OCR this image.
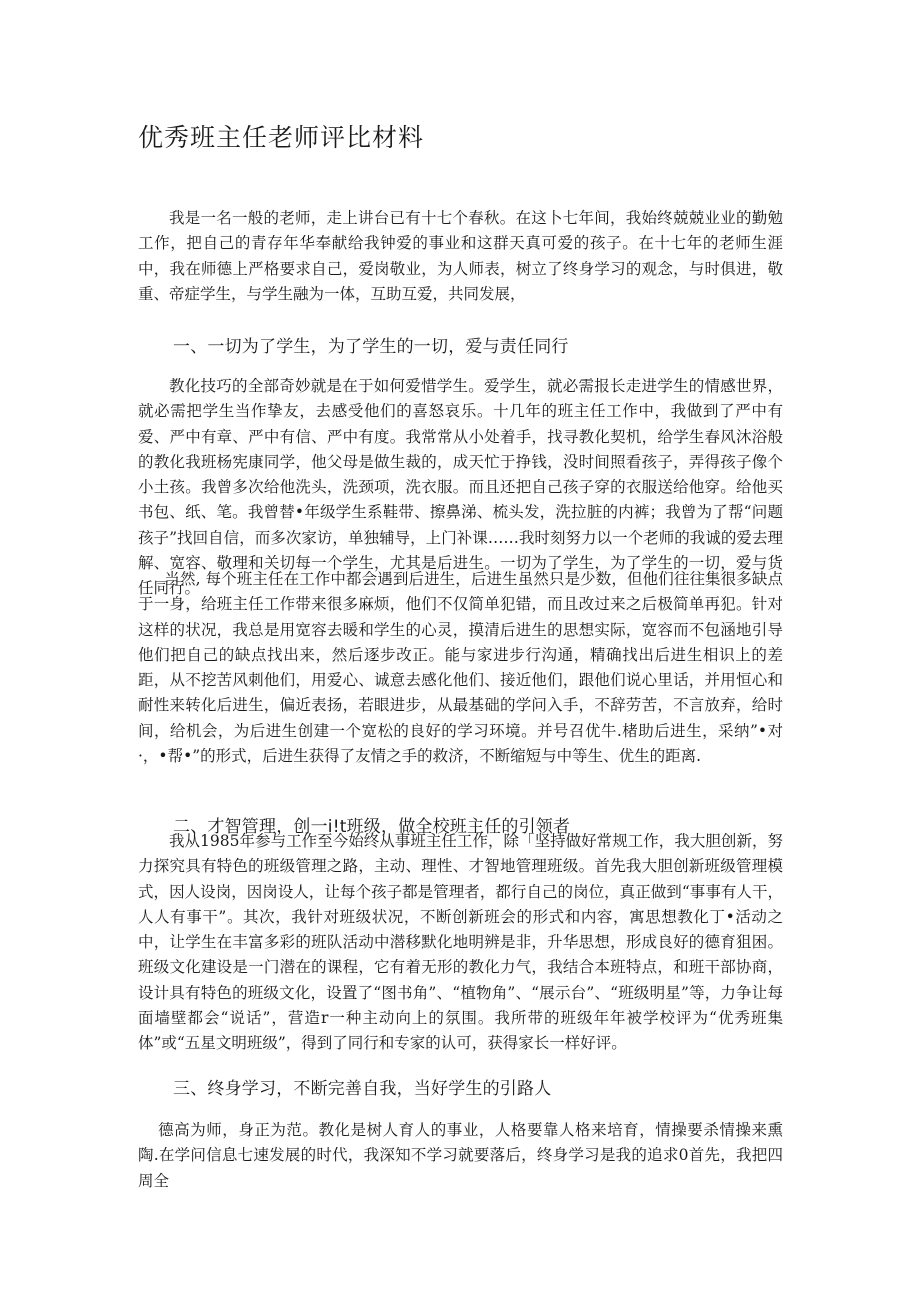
优秀班主任老师评比材料

我是一名一般的老师，走上讲台已有十七个春秋。在这卜七年间，我始终兢兢业业的勤勉工作，把自己的青存年华奉献给我钟爱的事业和这群天真可爱的孩子。在十七年的老师生涯中，我在师德上严格要求自己，爱岗敬业，为人师表，树立了终身学习的观念，与时俱进，敬重、帝症学生，与学生融为一体，互助互爱，共同发展，

一、一切为了学生，为了学生的一切，爱与责任同行

教化技巧的全部奇妙就是在于如何爱惜学生。爱学生，就必需报长走进学生的情感世界，就必需把学生当作挚友，去感受他们的喜怒哀乐。十几年的班主任工作中，我做到了严中有爱、严中有章、严中有信、严中有度。我常常从小处着手，找寻教化契机，给学生春风沐浴般的教化我班杨宪康同学，他父母是做生裁的，成天忙于挣钱，没时间照看孩子，弄得孩子像个小土孩。我曾多次给他洗头，洗颈项，洗衣服。而且还把自己孩子穿的衣服送给他穿。给他买书包、纸、笔。我曾替•年级学生系鞋带、擦鼻涕、梳头发，洗拉脏的内裤；我曾为了帮“问题孩子”找回自信，而多次家访，单独辅导，上门补课……我时刻努力以一个老师的我诚的爱去理解、宽容、敬理和关切每一个学生，尤其是后进生。一切为了学生，为了学生的一切，爱与货任同行。

当然, 每个班主任在工作中都会遇到后进生，后进生虽然只是少数，但他们往往集很多缺点于一身，给班主任工作带来很多麻烦，他们不仅简单犯错，而且改过来之后极简单再犯。针对这样的状况，我总是用宽容去暖和学生的心灵，摸清后进生的思想实际，宽容而不包涵地引导他们把自己的缺点找出来，然后逐步改正。能与家进步行沟通，精确找出后进生相识上的差距，从不挖苦风刺他们，用爱心、诚意去感化他们、接近他们，跟他们说心里话，并用恒心和耐性来转化后进生，偏近表扬，若眼进步，从最基础的学问入手，不辞劳苦，不言放弃，给时间，给机会，为后进生创建一个宽松的良好的学习环境。并号召优牛.楮助后进生，采纳”•对·，•帮•”的形式，后进生获得了友情之手的救济，不断缩短与中等生、优生的距离.

二、才智管理，创一i!t班级，做全校班主任的引领者

我从1985年参与工作至今始终从事班主任工作，除「坚持做好常规工作，我大胆创新，努力探究具有特色的班级管理之路，主动、理性、才智地管理班级。首先我大胆创新班级管理模式，因人设岗，因岗设人，让每个孩子都是管理者，都行自己的岗位，真正做到“事事有人干，人人有事干”。其次，我针对班级状况，不断创新班会的形式和内容，寓思想教化丁•活动之中，让学生在丰富多彩的班队活动中潜移默化地明辨是非，升华思想，形成良好的德育狙困。班级文化建设是一门潜在的课程，它有着无形的教化力气，我结合本班特点，和班干部协商，设计具有特色的班级文化，设置了“图书角”、“植物角”、“展示台”、“班级明星”等，力争让每面墙壁都会“说话”，营造r一种主动向上的氛围。我所带的班级年年被学校评为“优秀班集体”或“五星文明班级”，得到了同行和专家的认可，获得家长一样好评。

三、终身学习，不断完善自我，当好学生的引路人

德高为师，身正为范。教化是树人育人的事业，人格要靠人格来培育，情操要杀情操来熏陶.在学问信息七速发展的时代，我深知不学习就要落后，终身学习是我的追求0首先，我把四周全
